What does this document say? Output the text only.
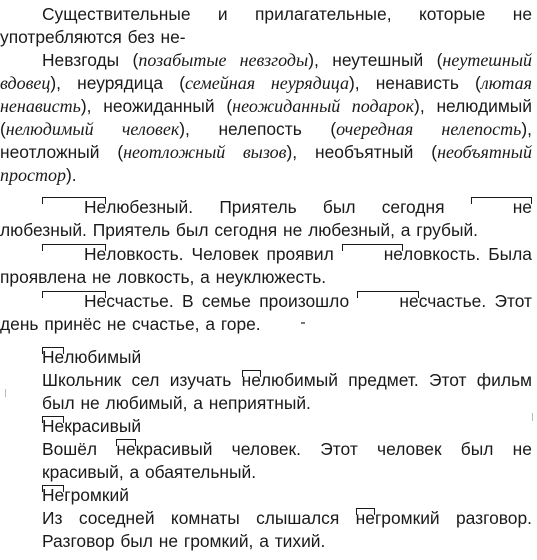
Существительные и прилагательные, которые не употребляются без не-

Невзгоды (позабытые невзгоды), неутешный (неутешный вдовец), неурядица (семейная неурядица), ненависть (лютая ненависть), неожиданный (неожиданный подарок), нелюдимый (нелюдимый человек), нелепость (очередная нелепость), неотложный (неотложный вызов), необъятный (необъятный простор).

Нелюбезный. Приятель был сегодня	нелюбезный. Приятель был сегодня не любезный, а грубый.

Неловкость. Человек проявил	неловкость. Была проявлена не ловкость, а неуклюжесть.

Несчастье. В семье произошло	несчастье. Этот день принёс не счастье, а горе.

Нелюбимый

Школьник сел изучать нелюбимый предмет. Этот фильм был не любимый, а неприятный.

Некрасивый

Вошёл некрасивый человек. Этот человек был не красивый, а обаятельный.

Негромкий

Из соседней комнаты слышался негромкий разговор. Разговор был не громкий, а тихий.
